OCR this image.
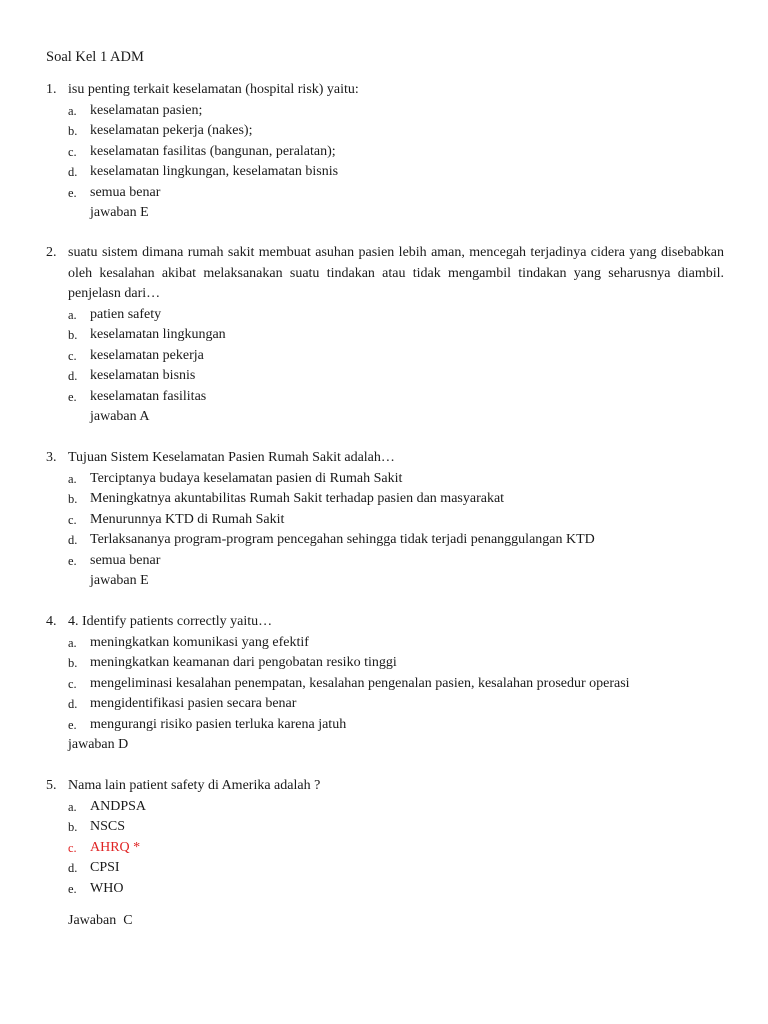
Soal Kel 1 ADM
1. isu penting terkait keselamatan (hospital risk) yaitu:
a. keselamatan pasien;
b. keselamatan pekerja (nakes);
c. keselamatan fasilitas (bangunan, peralatan);
d. keselamatan lingkungan, keselamatan bisnis
e. semua benar
jawaban E
2. suatu sistem dimana rumah sakit membuat asuhan pasien lebih aman, mencegah terjadinya cidera yang disebabkan oleh kesalahan akibat melaksanakan suatu tindakan atau tidak mengambil tindakan yang seharusnya diambil. penjelasn dari…
a. patien safety
b. keselamatan lingkungan
c. keselamatan pekerja
d. keselamatan bisnis
e. keselamatan fasilitas
jawaban A
3. Tujuan Sistem Keselamatan Pasien Rumah Sakit adalah…
a. Terciptanya budaya keselamatan pasien di Rumah Sakit
b. Meningkatnya akuntabilitas Rumah Sakit terhadap pasien dan masyarakat
c. Menurunnya KTD di Rumah Sakit
d. Terlaksananya program-program pencegahan sehingga tidak terjadi penanggulangan KTD
e. semua benar
jawaban E
4. 4. Identify patients correctly yaitu…
a. meningkatkan komunikasi yang efektif
b. meningkatkan keamanan dari pengobatan resiko tinggi
c. mengeliminasi kesalahan penempatan, kesalahan pengenalan pasien, kesalahan prosedur operasi
d. mengidentifikasi pasien secara benar
e. mengurangi risiko pasien terluka karena jatuh
jawaban D
5. Nama lain patient safety di Amerika adalah ?
a. ANDPSA
b. NSCS
c. AHRQ *
d. CPSI
e. WHO
Jawaban  C
